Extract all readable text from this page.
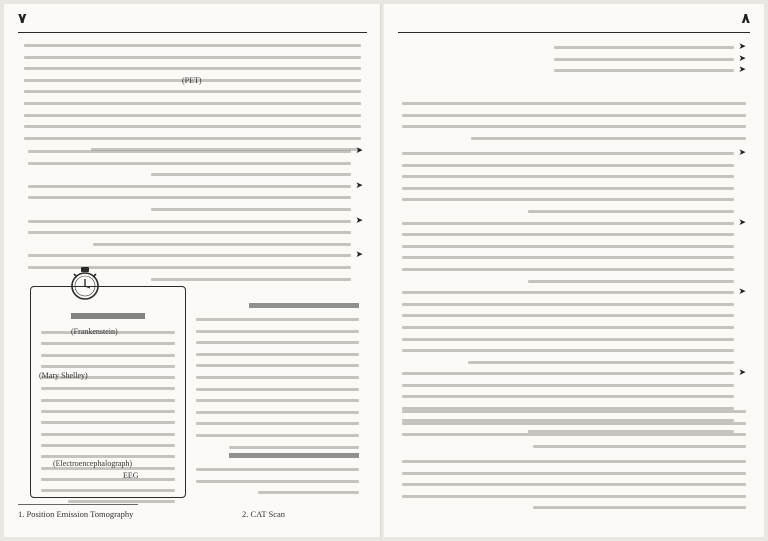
۷
(PET)
➤
➤
➤
➤
(Frankenstein)
(Mary Shelley)
(Electroencephalograph)
EEG
1. Position Emission Tomography	2. CAT Scan
۸
➤
➤
➤
➤
➤
➤
➤
